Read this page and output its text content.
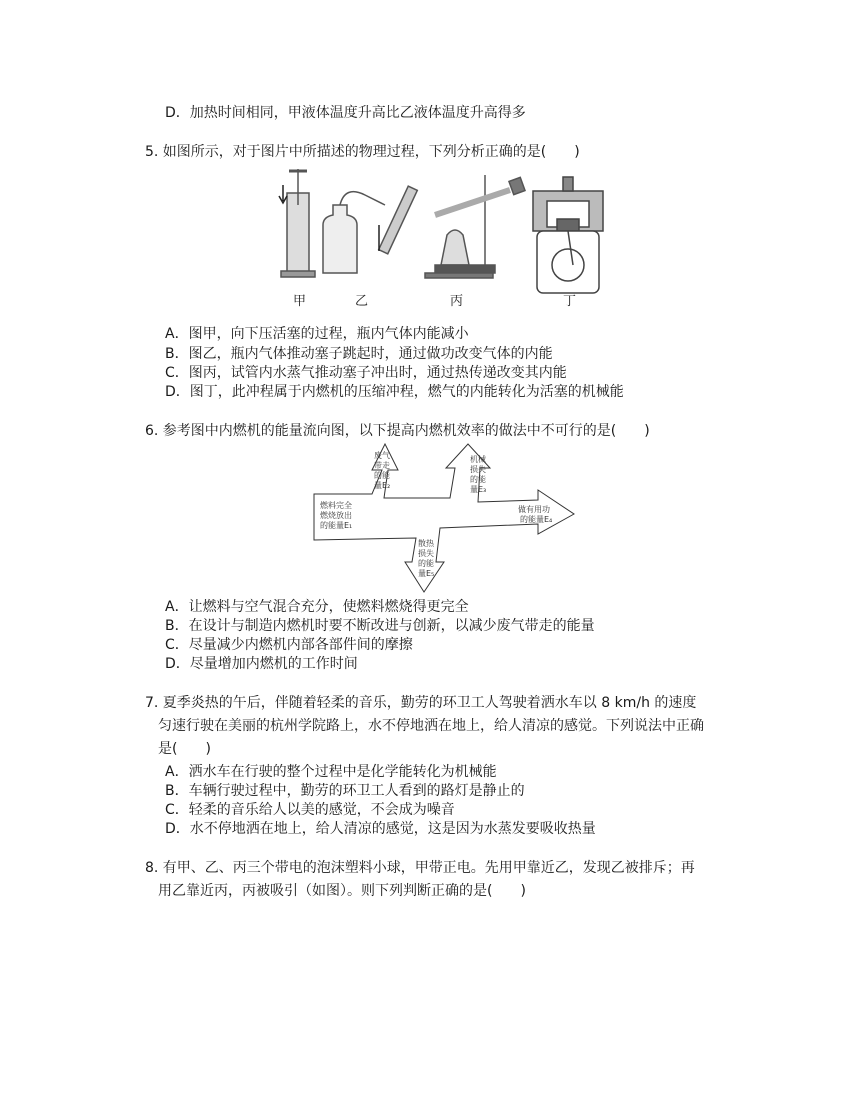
D．加热时间相同，甲液体温度升高比乙液体温度升高得多
5. 如图所示，对于图片中所描述的物理过程，下列分析正确的是(　　)
甲	乙	丙	丁
A．图甲，向下压活塞的过程，瓶内气体内能减小
B．图乙，瓶内气体推动塞子跳起时，通过做功改变气体的内能
C．图丙，试管内水蒸气推动塞子冲出时，通过热传递改变其内能
D．图丁，此冲程属于内燃机的压缩冲程，燃气的内能转化为活塞的机械能
6. 参考图中内燃机的能量流向图，以下提高内燃机效率的做法中不可行的是(　　)
燃料完全
燃烧放出
的能量E₁
废气
带走
的能
量E₂
机械
损失
的能
量E₃
做有用功
的能量E₄
散热
损失
的能
量E₅
A．让燃料与空气混合充分，使燃料燃烧得更完全
B．在设计与制造内燃机时要不断改进与创新，以减少废气带走的能量
C．尽量减少内燃机内部各部件间的摩擦
D．尽量增加内燃机的工作时间
7. 夏季炎热的午后，伴随着轻柔的音乐，勤劳的环卫工人驾驶着洒水车以 8 km/h 的速度
匀速行驶在美丽的杭州学院路上，水不停地洒在地上，给人清凉的感觉。下列说法中正确
是(　　)
A．洒水车在行驶的整个过程中是化学能转化为机械能
B．车辆行驶过程中，勤劳的环卫工人看到的路灯是静止的
C．轻柔的音乐给人以美的感觉，不会成为噪音
D．水不停地洒在地上，给人清凉的感觉，这是因为水蒸发要吸收热量
8. 有甲、乙、丙三个带电的泡沫塑料小球，甲带正电。先用甲靠近乙，发现乙被排斥；再
用乙靠近丙，丙被吸引（如图）。则下列判断正确的是(　　)
